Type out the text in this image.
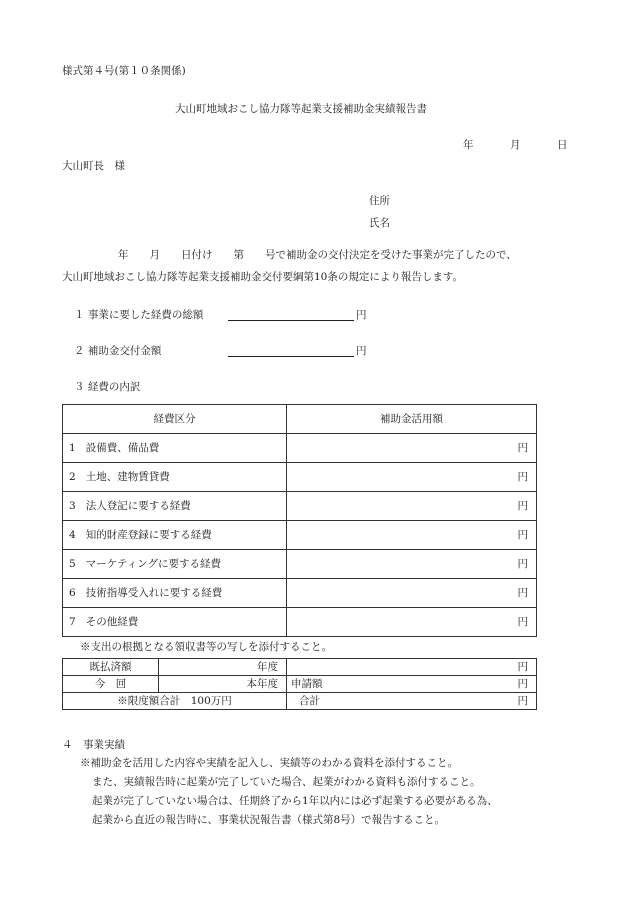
様式第４号(第１０条関係)
大山町地域おこし協力隊等起業支援補助金実績報告書
年	月	日
大山町長　様
住所
氏名
年　　月　　日付け　　第　　号で補助金の交付決定を受けた事業が完了したので、
大山町地域おこし協力隊等起業支援補助金交付要綱第10条の規定により報告します。
１ 事業に要した経費の総額	円
２ 補助金交付金額	円
３ 経費の内訳
経費区分	補助金活用額
1 設備費、備品費	円
2 土地、建物賃貸費	円
3 法人登記に要する経費	円
4 知的財産登録に要する経費	円
5 マーケティングに要する経費	円
6 技術指導受入れに要する経費	円
7 その他経費	円
※支出の根拠となる領収書等の写しを添付すること。
既払済額	年度	円
今　回	本年度	申請額 円

※限度額合計　100万円		合計 円
４　事業実績
※補助金を活用した内容や実績を記入し、実績等のわかる資料を添付すること。
また、実績報告時に起業が完了していた場合、起業がわかる資料も添付すること。
起業が完了していない場合は、任期終了から1年以内には必ず起業する必要がある為、
起業から直近の報告時に、事業状況報告書（様式第8号）で報告すること。
